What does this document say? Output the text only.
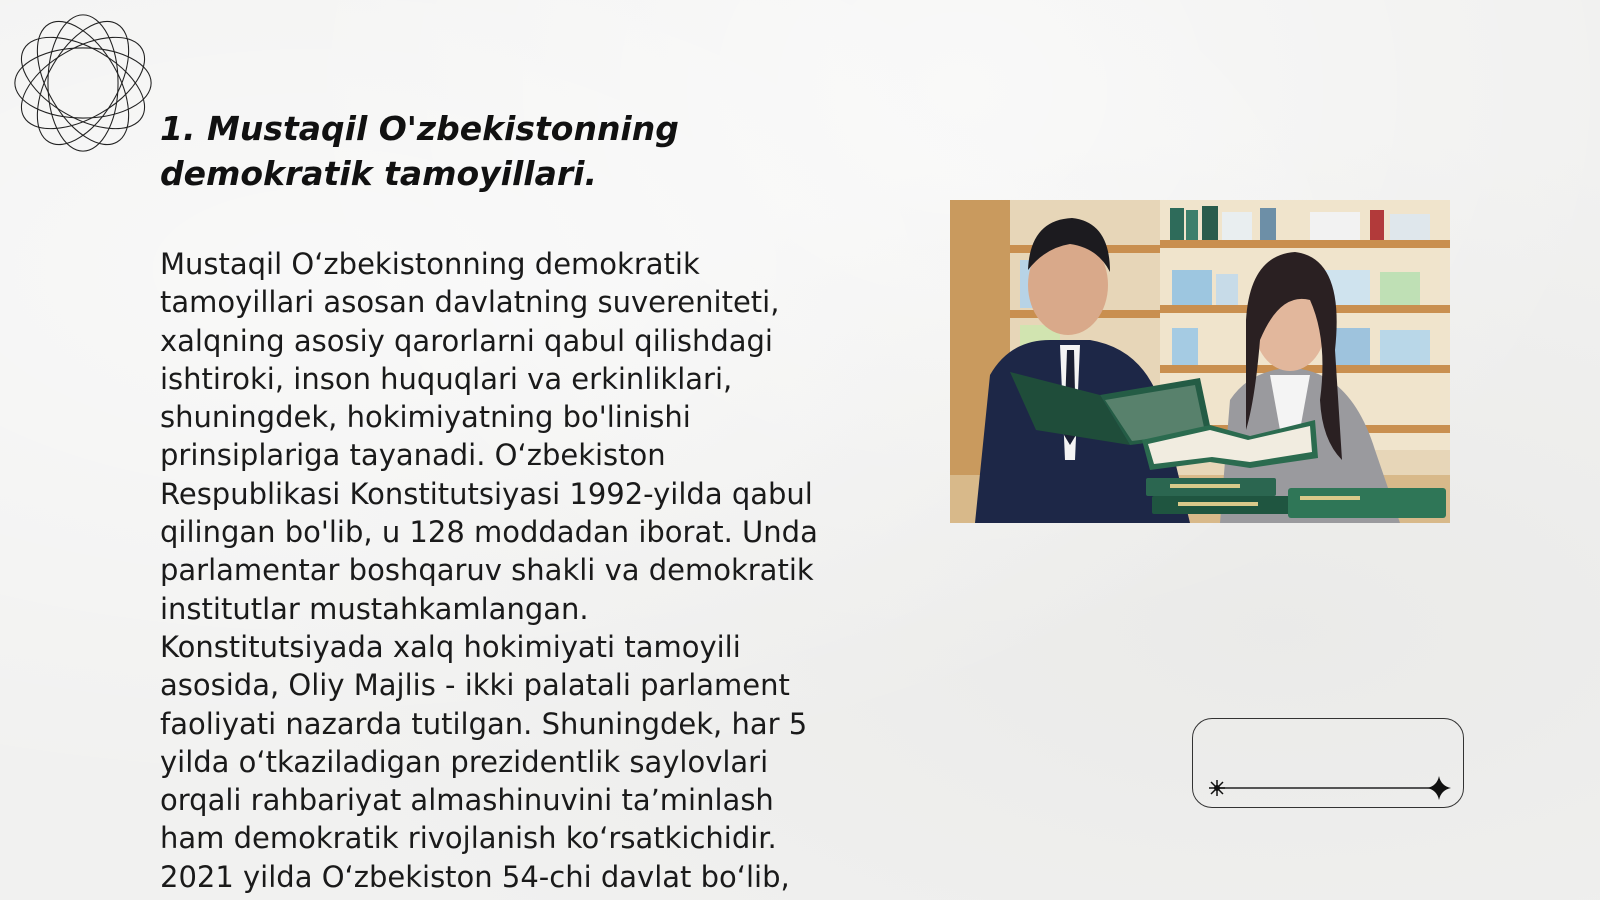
1. Mustaqil O'zbekistonning
demokratik tamoyillari.

Mustaqil O‘zbekistonning demokratik
tamoyillari asosan davlatning suvereniteti,
xalqning asosiy qarorlarni qabul qilishdagi
ishtiroki, inson huquqlari va erkinliklari,
shuningdek, hokimiyatning bo'linishi
prinsiplariga tayanadi. O‘zbekiston
Respublikasi Konstitutsiyasi 1992-yilda qabul
qilingan bo'lib, u 128 moddadan iborat. Unda
parlamentar boshqaruv shakli va demokratik
institutlar mustahkamlangan.
Konstitutsiyada xalq hokimiyati tamoyili
asosida, Oliy Majlis - ikki palatali parlament
faoliyati nazarda tutilgan. Shuningdek, har 5
yilda o‘tkaziladigan prezidentlik saylovlari
orqali rahbariyat almashinuvini ta’minlash
ham demokratik rivojlanish ko‘rsatkichidir.
2021 yilda O‘zbekiston 54-chi davlat bo‘lib,
